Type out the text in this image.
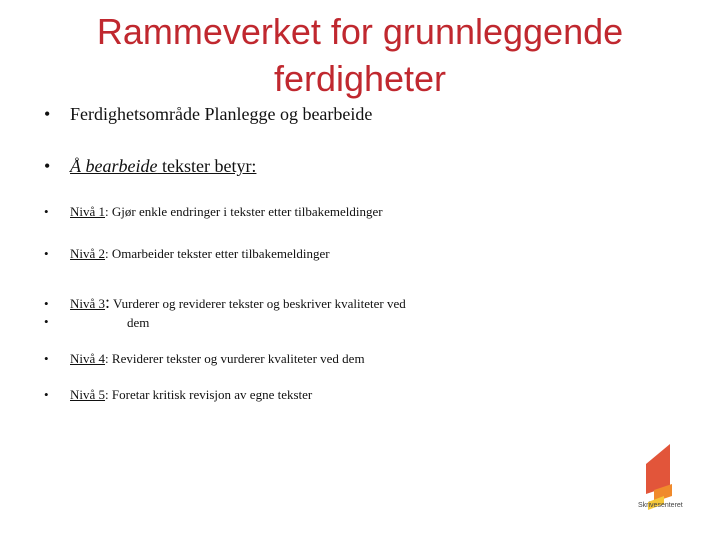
Rammeverket for grunnleggende
ferdigheter
• Ferdighetsområde Planlegge og bearbeide
• Å bearbeide tekster betyr:
• Nivå 1: Gjør enkle endringer i tekster etter tilbakemeldinger
• Nivå 2: Omarbeider tekster etter tilbakemeldinger
•
•
Nivå 3: Vurderer og reviderer tekster og beskriver kvaliteter ved
dem
• Nivå 4: Reviderer tekster og vurderer kvaliteter ved dem
• Nivå 5: Foretar kritisk revisjon av egne tekster
Skrivesenteret
